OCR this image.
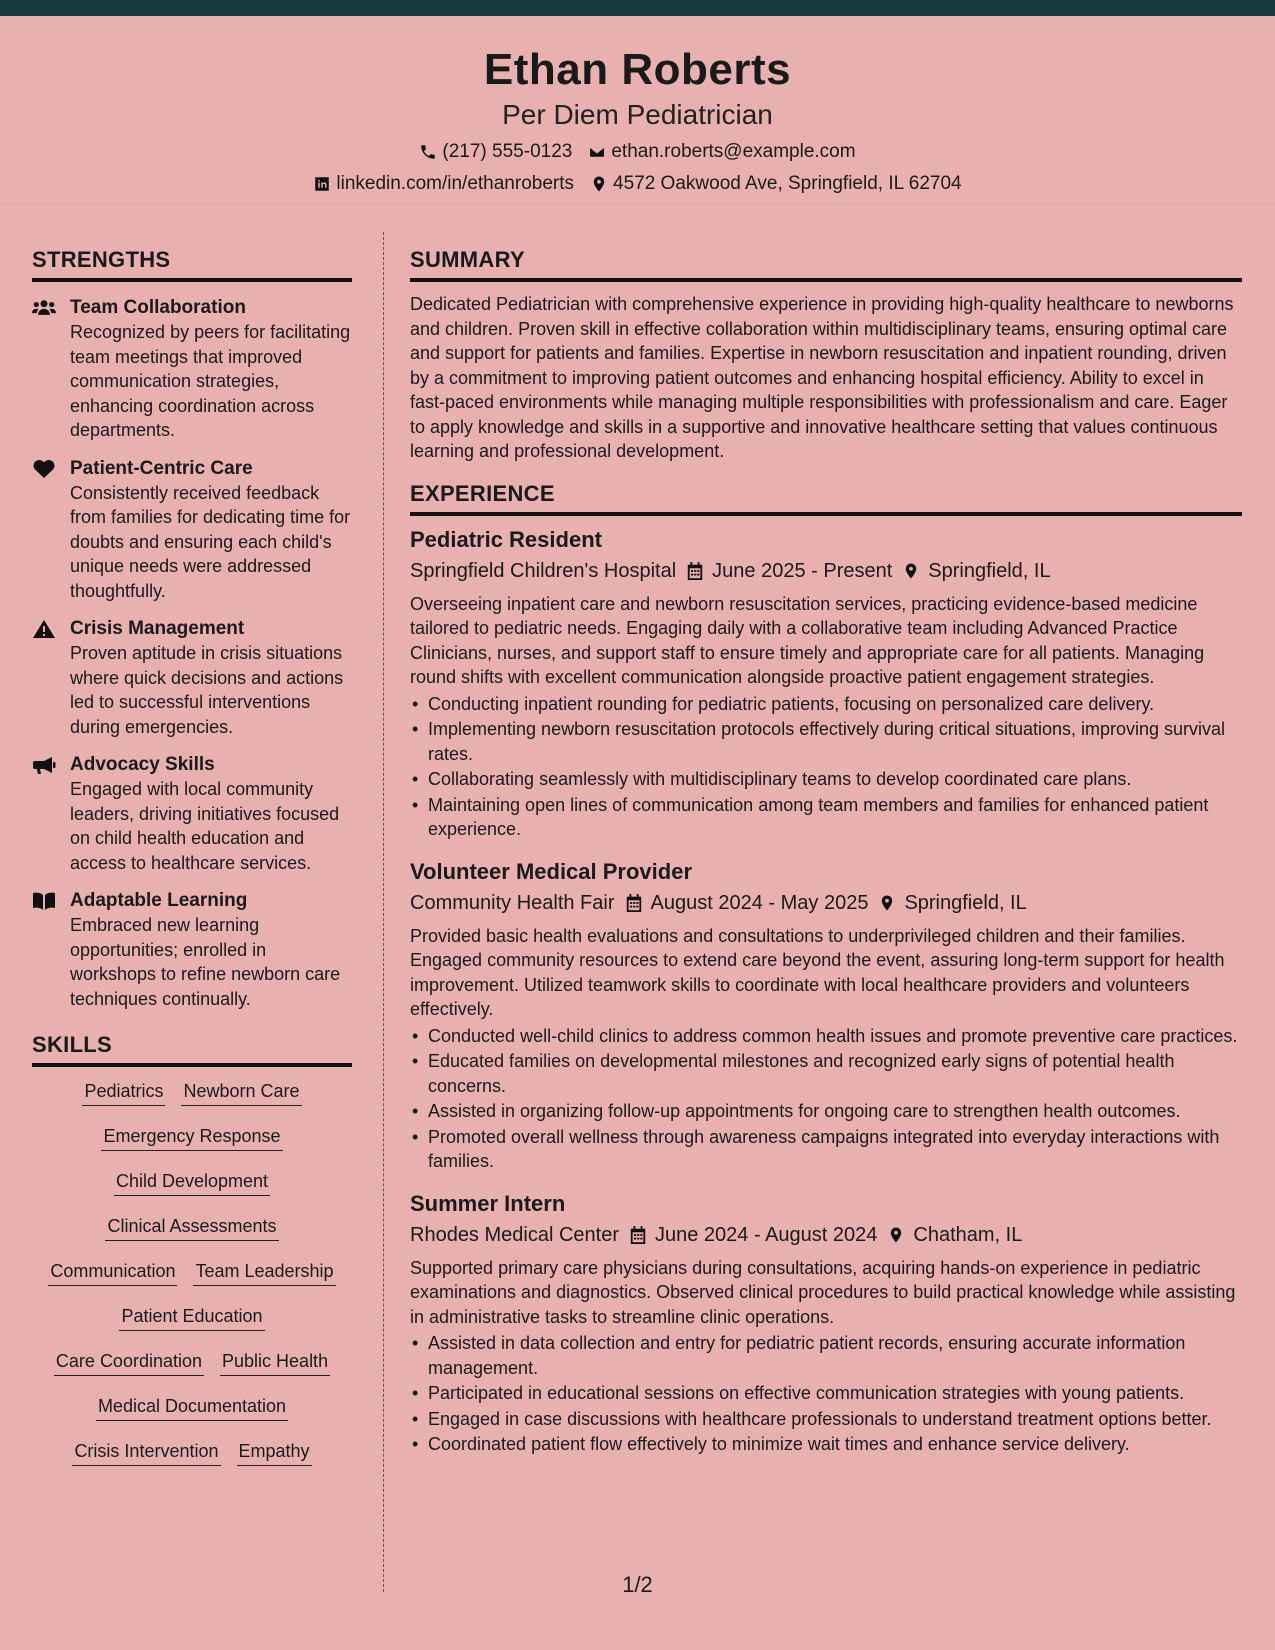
Ethan Roberts
Per Diem Pediatrician
(217) 555-0123 ethan.roberts@example.com
linkedin.com/in/ethanroberts 4572 Oakwood Ave, Springfield, IL 62704
STRENGTHS
Team Collaboration
Recognized by peers for facilitating team meetings that improved communication strategies, enhancing coordination across departments.
Patient-Centric Care
Consistently received feedback from families for dedicating time for doubts and ensuring each child's unique needs were addressed thoughtfully.
Crisis Management
Proven aptitude in crisis situations where quick decisions and actions led to successful interventions during emergencies.
Advocacy Skills
Engaged with local community leaders, driving initiatives focused on child health education and access to healthcare services.
Adaptable Learning
Embraced new learning opportunities; enrolled in workshops to refine newborn care techniques continually.
SKILLS
Pediatrics Newborn Care
Emergency Response
Child Development
Clinical Assessments
Communication Team Leadership
Patient Education
Care Coordination Public Health
Medical Documentation
Crisis Intervention Empathy
SUMMARY
Dedicated Pediatrician with comprehensive experience in providing high-quality healthcare to newborns and children. Proven skill in effective collaboration within multidisciplinary teams, ensuring optimal care and support for patients and families. Expertise in newborn resuscitation and inpatient rounding, driven by a commitment to improving patient outcomes and enhancing hospital efficiency. Ability to excel in fast-paced environments while managing multiple responsibilities with professionalism and care. Eager to apply knowledge and skills in a supportive and innovative healthcare setting that values continuous learning and professional development.
EXPERIENCE
Pediatric Resident
Springfield Children's Hospital June 2025 - Present Springfield, IL
Overseeing inpatient care and newborn resuscitation services, practicing evidence-based medicine tailored to pediatric needs. Engaging daily with a collaborative team including Advanced Practice Clinicians, nurses, and support staff to ensure timely and appropriate care for all patients. Managing round shifts with excellent communication alongside proactive patient engagement strategies.
• Conducting inpatient rounding for pediatric patients, focusing on personalized care delivery.
• Implementing newborn resuscitation protocols effectively during critical situations, improving survival rates.
• Collaborating seamlessly with multidisciplinary teams to develop coordinated care plans.
• Maintaining open lines of communication among team members and families for enhanced patient experience.
Volunteer Medical Provider
Community Health Fair August 2024 - May 2025 Springfield, IL
Provided basic health evaluations and consultations to underprivileged children and their families. Engaged community resources to extend care beyond the event, assuring long-term support for health improvement. Utilized teamwork skills to coordinate with local healthcare providers and volunteers effectively.
• Conducted well-child clinics to address common health issues and promote preventive care practices.
• Educated families on developmental milestones and recognized early signs of potential health concerns.
• Assisted in organizing follow-up appointments for ongoing care to strengthen health outcomes.
• Promoted overall wellness through awareness campaigns integrated into everyday interactions with families.
Summer Intern
Rhodes Medical Center June 2024 - August 2024 Chatham, IL
Supported primary care physicians during consultations, acquiring hands-on experience in pediatric examinations and diagnostics. Observed clinical procedures to build practical knowledge while assisting in administrative tasks to streamline clinic operations.
• Assisted in data collection and entry for pediatric patient records, ensuring accurate information management.
• Participated in educational sessions on effective communication strategies with young patients.
• Engaged in case discussions with healthcare professionals to understand treatment options better.
• Coordinated patient flow effectively to minimize wait times and enhance service delivery.
1/2
